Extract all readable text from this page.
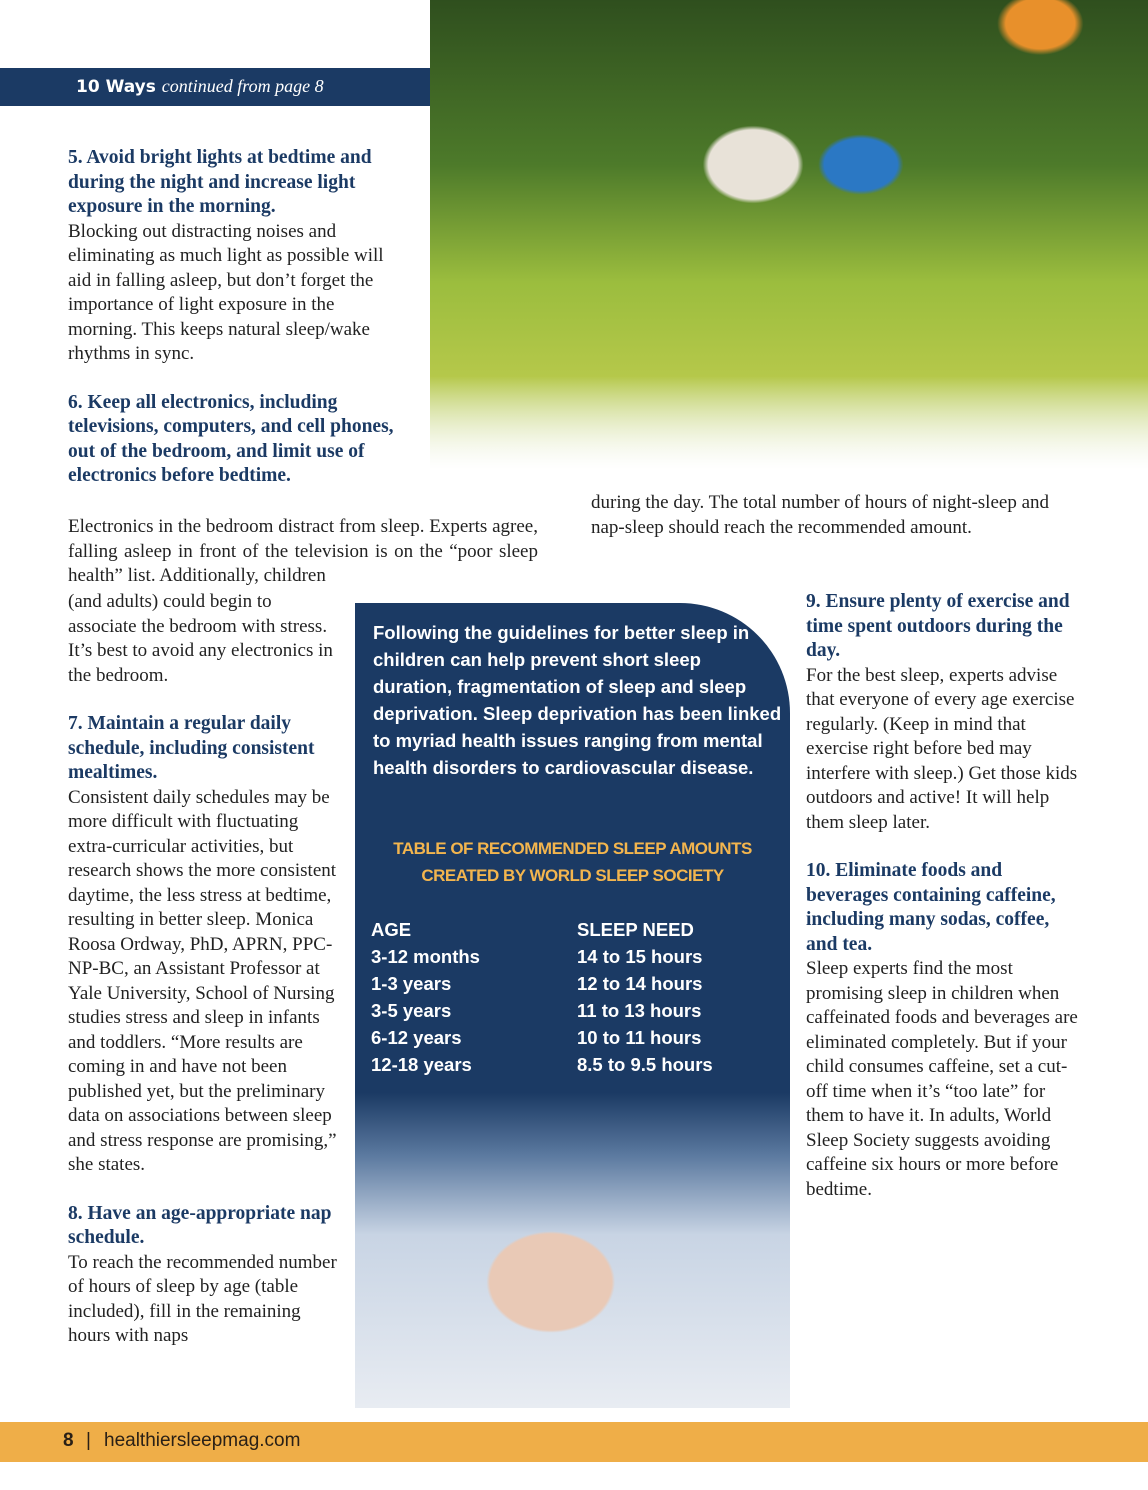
10 Ways continued from page 8

5. Avoid bright lights at bedtime and during the night and increase light exposure in the morning.

Blocking out distracting noises and eliminating as much light as possible will aid in falling asleep, but don’t forget the importance of light exposure in the morning. This keeps natural sleep/wake rhythms in sync.

6. Keep all electronics, including televisions, computers, and cell phones, out of the bedroom, and limit use of electronics before bedtime.

Electronics in the bedroom distract from sleep. Experts agree, falling asleep in front of the television is on the “poor sleep health” list. Additionally, children

(and adults) could begin to associate the bedroom with stress. It’s best to avoid any electronics in the bedroom.

7. Maintain a regular daily schedule, including consistent mealtimes.

Consistent daily schedules may be more difficult with fluctuating extra-curricular activities, but research shows the more consistent daytime, the less stress at bedtime, resulting in better sleep. Monica Roosa Ordway, PhD, APRN, PPC-NP-BC, an Assistant Professor at Yale University, School of Nursing studies stress and sleep in infants and toddlers. “More results are coming in and have not been published yet, but the preliminary data on associations between sleep and stress response are promising,” she states.

8. Have an age-appropriate nap schedule.

To reach the recommended number of hours of sleep by age (table included), fill in the remaining hours with naps

during the day. The total number of hours of night-sleep and nap-sleep should reach the recommended amount.

9. Ensure plenty of exercise and time spent outdoors during the day.

For the best sleep, experts advise that everyone of every age exercise regularly. (Keep in mind that exercise right before bed may interfere with sleep.) Get those kids outdoors and active! It will help them sleep later.

10. Eliminate foods and beverages containing caffeine, including many sodas, coffee, and tea.

Sleep experts find the most promising sleep in children when caffeinated foods and beverages are eliminated completely. But if your child consumes caffeine, set a cut-off time when it’s “too late” for them to have it. In adults, World Sleep Society suggests avoiding caffeine six hours or more before bedtime.

Following the guidelines for better sleep in children can help prevent short sleep duration, fragmentation of sleep and sleep deprivation. Sleep deprivation has been linked to myriad health issues ranging from mental health disorders to cardiovascular disease.
TABLE OF RECOMMENDED SLEEP AMOUNTS
CREATED BY WORLD SLEEP SOCIETY
AGE	SLEEP NEED
3-12 months	14 to 15 hours
1-3 years	12 to 14 hours
3-5 years	11 to 13 hours
6-12 years	10 to 11 hours
12-18 years	8.5 to 9.5 hours
8 | healthiersleepmag.com
